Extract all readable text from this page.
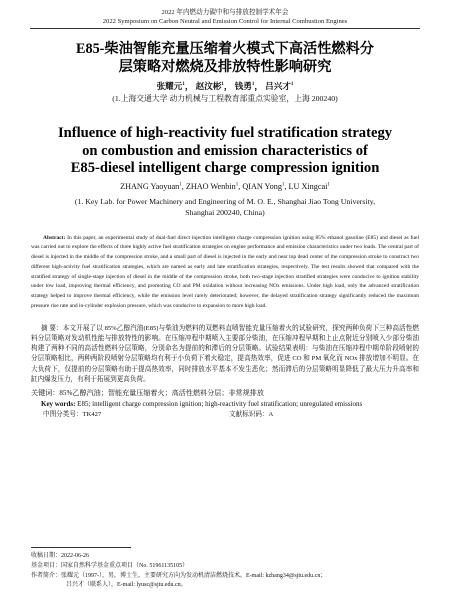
2022 年内燃动力碳中和与排放控制学术年会
2022 Symposium on Carbon Neutral and Emission Control for Internal Combustion Engines
E85-柴油智能充量压缩着火模式下高活性燃料分
层策略对燃烧及排放特性影响研究
张耀元$^1$， 赵汶彬$^1$， 钱勇$^1$， 吕兴才$^1$
(1.上海交通大学 动力机械与工程教育部重点实验室，上海 200240)
Influence of high-reactivity fuel stratification strategy
on combustion and emission characteristics of
E85-diesel intelligent charge compression ignition
ZHANG Yaoyuan$^1$, ZHAO Wenbin$^1$, QIAN Yong$^1$, LU Xingcai$^1$
(1. Key Lab. for Power Machinery and Engineering of M. O. E., Shanghai Jiao Tong University,
Shanghai 200240, China)
Abstract: In this paper, an experimental study of dual-fuel direct injection intelligent charge compression ignition using 85% ethanol gasoline (E85) and diesel as fuel was carried out to explore the effects of three highly active fuel stratification strategies on engine performance and emission characteristics under two loads. The central part of diesel is injected in the middle of the compression stroke, and a small part of diesel is injected in the early and near top dead center of the compression stroke to construct two different high-activity fuel stratification strategies, which are named as early and late stratification strategies, respectively. The test results showed that compared with the stratified strategy of single-stage injection of diesel in the middle of the compression stroke, both two-stage injection stratified strategies were conducive to ignition stability under low load, improving thermal efficiency, and promoting CO and PM oxidation without increasing NOx emissions. Under high load, only the advanced stratification strategy helped to improve thermal efficiency, while the emission level rarely deteriorated; however, the delayed stratification strategy significantly reduced the maximum pressure rise rate and in-cylinder explosion pressure, which was conducive to expansion to more high load.
摘 要：本文开展了以 85%乙醇汽油(E85)与柴油为燃料的双燃料直喷智能充量压缩着火的试验研究，探究两种负荷下三种高活性燃料分层策略对发动机性能与排放特性的影响。在压缩冲程中期喷入主要部分柴油，在压缩冲程早期和上止点附近分别喷入少部分柴油构建了两种不同的高活性燃料分层策略，分别命名为提前的和滞后的分层策略。试验结果表明：与柴油在压缩冲程中期单阶段喷射的分层策略相比，两种两阶段喷射分层策略均有利于小负荷下着火稳定，提高热效率，促进 CO 和 PM 氧化而 NOx 排放增加不明显。在大负荷下，仅提前的分层策略有助于提高热效率，同时排放水平基本不发生恶化；然而滞后的分层策略明显降低了最大压力升高率和缸内爆发压力，有利于拓展到更高负荷。
关键词：85%乙醇汽油；智能充量压缩着火；高活性燃料分层；非常规排放
Key words: E85; intelligent charge compression ignition; high-reactivity fuel stratification; unregulated emissions
中图分类号：TK427	文献标识码：A
收稿日期：2022-06-26
基金项目：国家自然科学基金重点项目（No. 51961135105）
作者简介：张耀元（1997-），男，博士生，主要研究方向为发动机清洁燃烧技术。E-mail: kzhang34@sjtu.edu.cn；
吕兴才（联系人），E-mail: lyusc@sjtu.edu.cn。
